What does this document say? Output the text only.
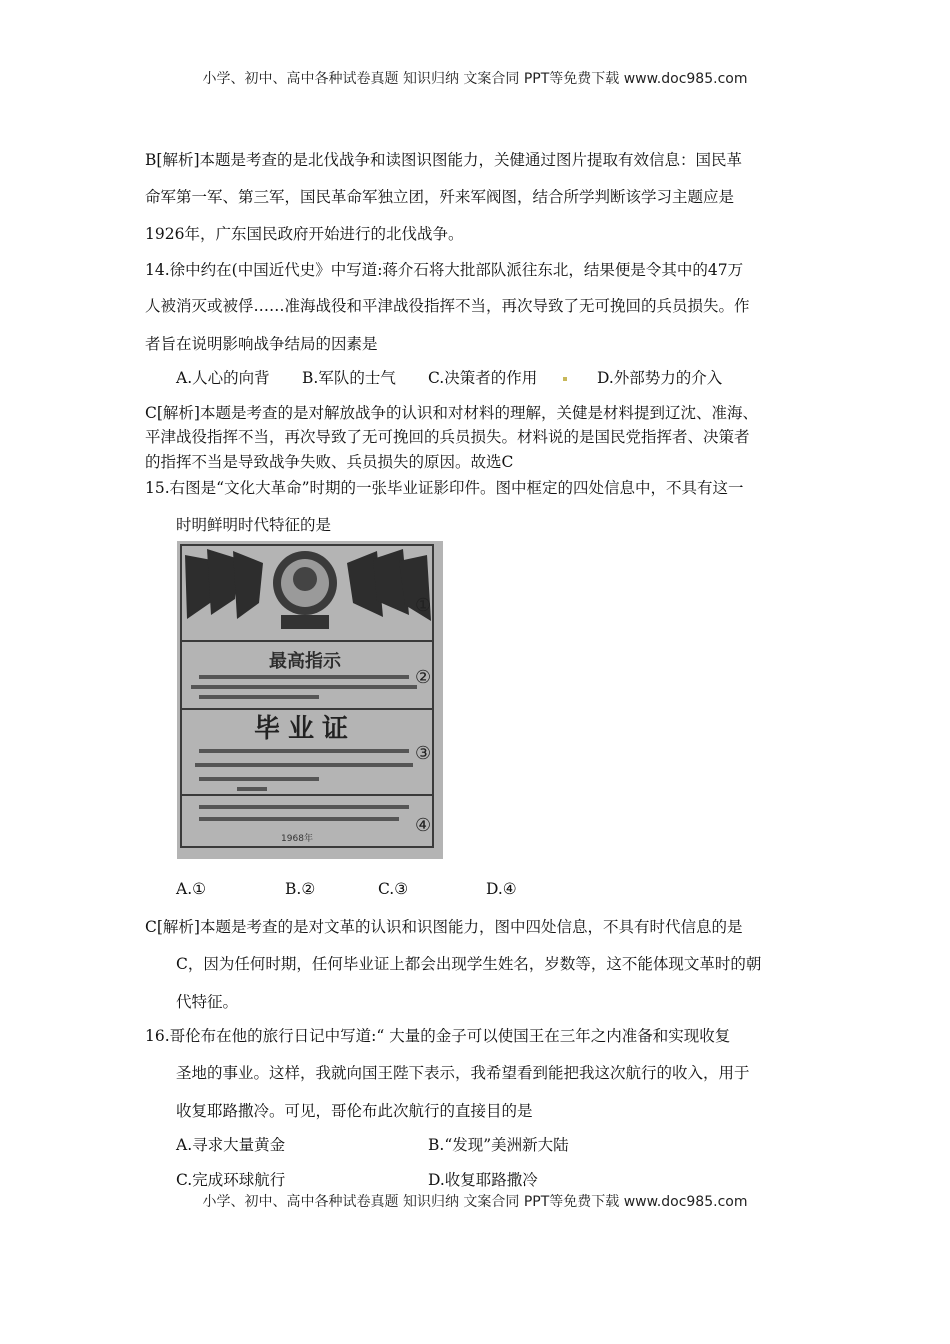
小学、初中、高中各种试卷真题 知识归纳 文案合同 PPT等免费下载 www.doc985.com
B[解析]本题是考查的是北伐战争和读图识图能力，关健通过图片提取有效信息：国民革
命军第一军、第三军，国民革命军独立团，歼来军阀图，结合所学判断该学习主题应是
1926年，广东国民政府开始进行的北伐战争。
14.徐中约在(中国近代史》中写道:蒋介石将大批部队派往东北，结果便是令其中的47万
人被消灭或被俘……准海战役和平津战役指挥不当，再次导致了无可挽回的兵员损失。作
者旨在说明影响战争结局的因素是
A.人心的向背 B.军队的士气 C.决策者的作用	D.外部势力的介入
C[解析]本题是考查的是对解放战争的认识和对材料的理解，关健是材料提到辽沈、准海、
平津战役指挥不当，再次导致了无可挽回的兵员损失。材料说的是国民党指挥者、决策者
的指挥不当是导致战争失败、兵员损失的原因。故选C
15.右图是“文化大革命”时期的一张毕业证影印件。图中框定的四处信息中，不具有这一
时明鲜明时代特征的是
最高指示
毕业证
1968年
①
②
③
④
A.①	B.②	C.③	D.④
C[解析]本题是考查的是对文革的认识和识图能力，图中四处信息，不具有时代信息的是
C，因为任何时期，任何毕业证上都会出现学生姓名，岁数等，这不能体现文革时的朝
代特征。
16.哥伦布在他的旅行日记中写道:“ 大量的金子可以使国王在三年之内准备和实现收复
圣地的事业。这样，我就向国王陛下表示，我希望看到能把我这次航行的收入，用于
收复耶路撒冷。可见，哥伦布此次航行的直接目的是
A.寻求大量黄金	B.“发现”美洲新大陆
C.完成环球航行	D.收复耶路撒冷
小学、初中、高中各种试卷真题 知识归纳 文案合同 PPT等免费下载 www.doc985.com
